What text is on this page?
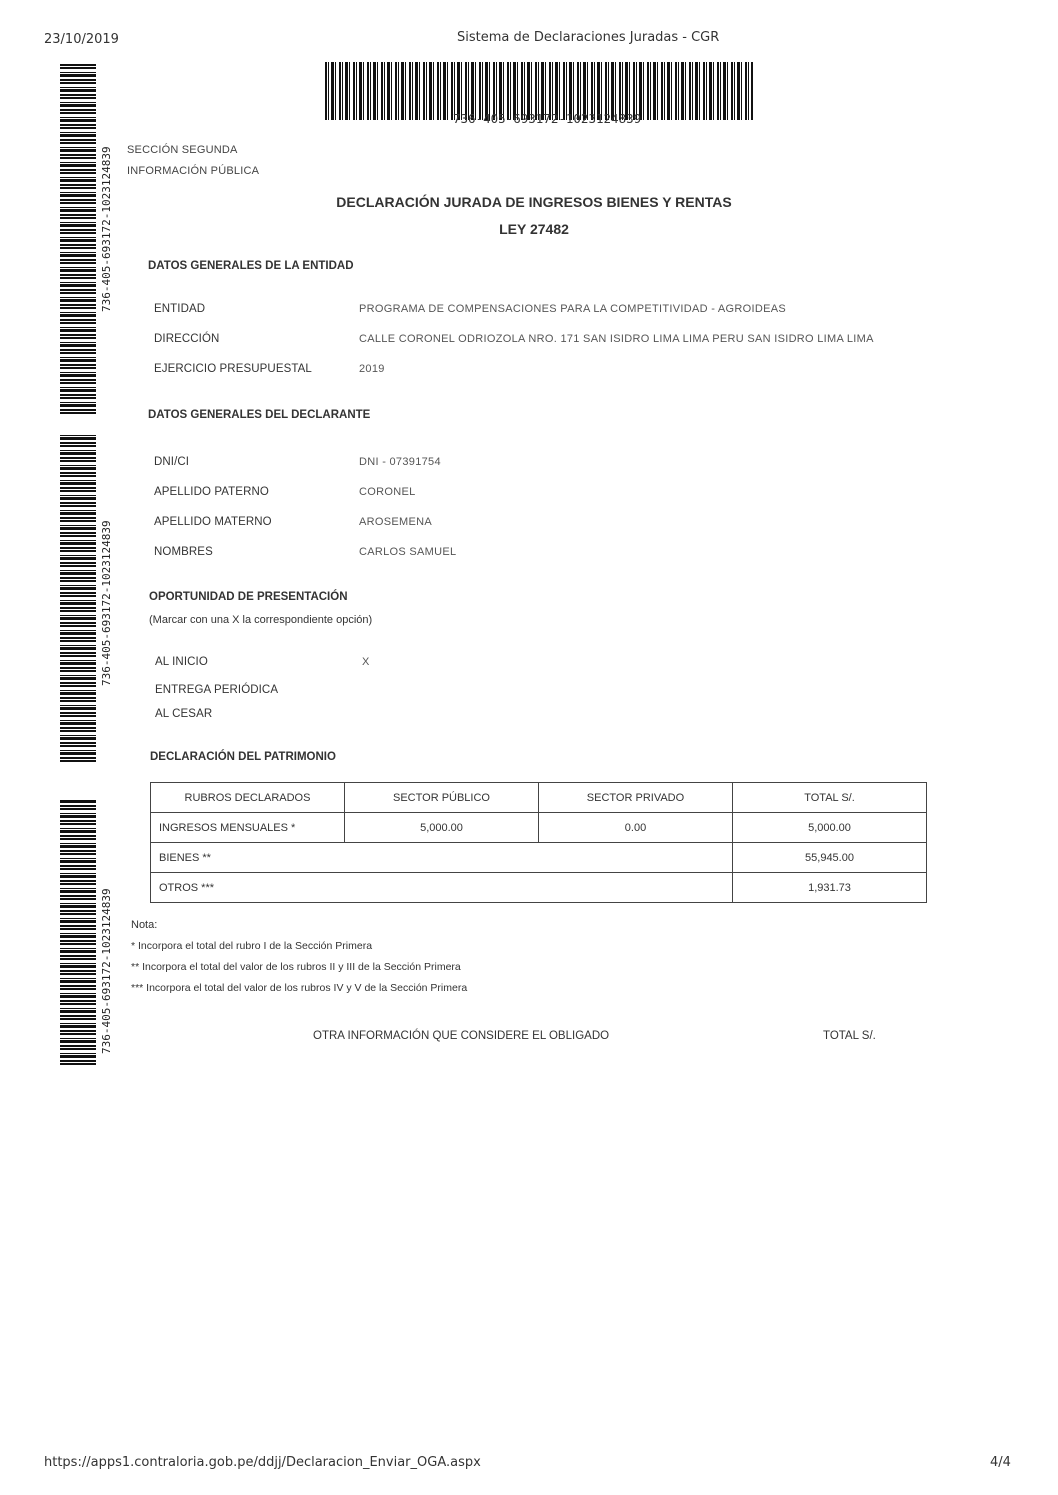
23/10/2019	Sistema de Declaraciones Juradas - CGR
736-405-693172-1023124839
736-405-693172-1023124839
736-405-693172-1023124839
736-405-693172-1023124839
SECCIÓN SEGUNDA
INFORMACIÓN PÚBLICA
DECLARACIÓN JURADA DE INGRESOS BIENES Y RENTAS
LEY 27482
DATOS GENERALES DE LA ENTIDAD
ENTIDAD	PROGRAMA DE COMPENSACIONES PARA LA COMPETITIVIDAD - AGROIDEAS
DIRECCIÓN	CALLE CORONEL ODRIOZOLA NRO. 171 SAN ISIDRO LIMA LIMA PERU SAN ISIDRO LIMA LIMA
EJERCICIO PRESUPUESTAL	2019
DATOS GENERALES DEL DECLARANTE
DNI/CI	DNI - 07391754
APELLIDO PATERNO	CORONEL
APELLIDO MATERNO	AROSEMENA
NOMBRES	CARLOS SAMUEL
OPORTUNIDAD DE PRESENTACIÓN
(Marcar con una X la correspondiente opción)
AL INICIO	X
ENTREGA PERIÓDICA
AL CESAR
DECLARACIÓN DEL PATRIMONIO
RUBROS DECLARADOS	SECTOR PÚBLICO	SECTOR PRIVADO	TOTAL S/.
INGRESOS MENSUALES *	5,000.00	0.00	5,000.00
BIENES **			55,945.00
OTROS ***			1,931.73
Nota:
* Incorpora el total del rubro I de la Sección Primera
** Incorpora el total del valor de los rubros II y III de la Sección Primera
*** Incorpora el total del valor de los rubros IV y V de la Sección Primera
OTRA INFORMACIÓN QUE CONSIDERE EL OBLIGADO	TOTAL S/.
https://apps1.contraloria.gob.pe/ddjj/Declaracion_Enviar_OGA.aspx	4/4
